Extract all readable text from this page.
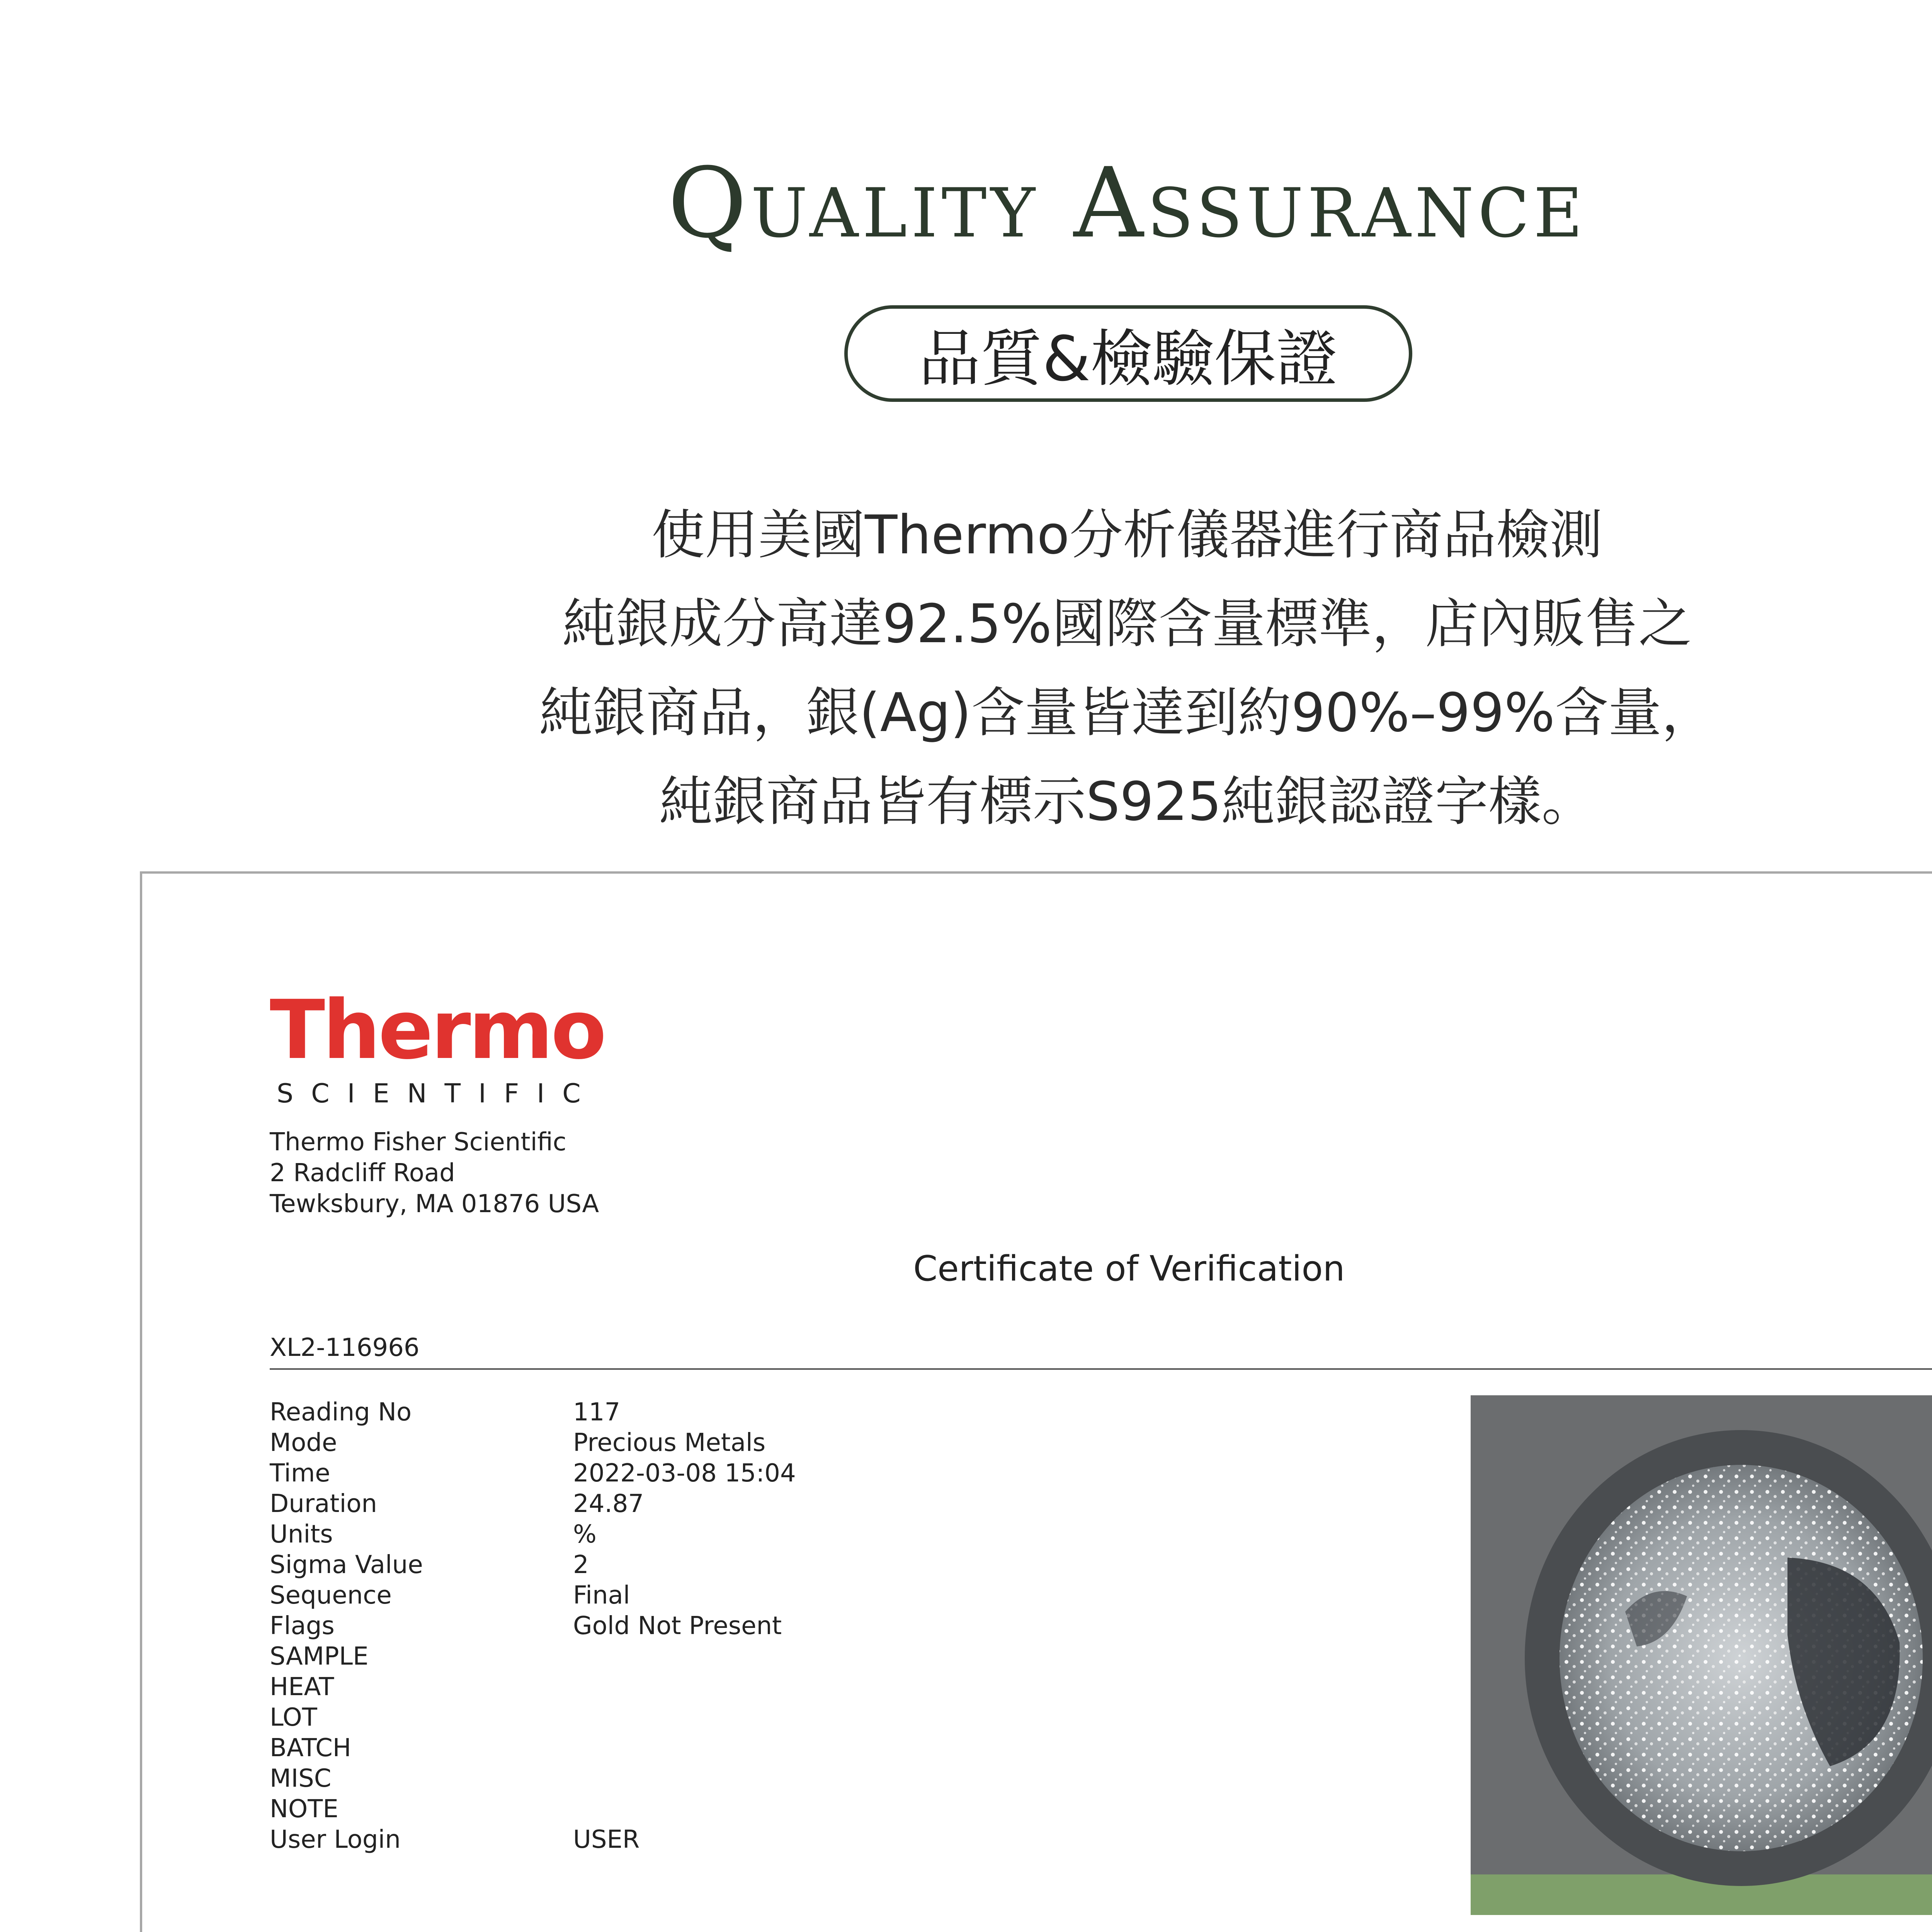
Quality Assurance
品質&檢驗保證
使用美國Thermo分析儀器進行商品檢測
純銀成分高達92.5%國際含量標準，店內販售之
純銀商品，銀(Ag)含量皆達到約90%–99%含量，
純銀商品皆有標示S925純銀認證字樣。
Thermo
SCIENTIFIC
Thermo Fisher Scientific
2 Radcliff Road
Tewksbury, MA 01876 USA
Certificate of Verification
XL2-116966
Reading No	117
Mode	Precious Metals
Time	2022-03-08 15:04
Duration	24.87
Units	%
Sigma Value	2
Sequence	Final
Flags	Gold Not Present
SAMPLE
HEAT
LOT
BATCH
MISC
NOTE
User Login	USER
